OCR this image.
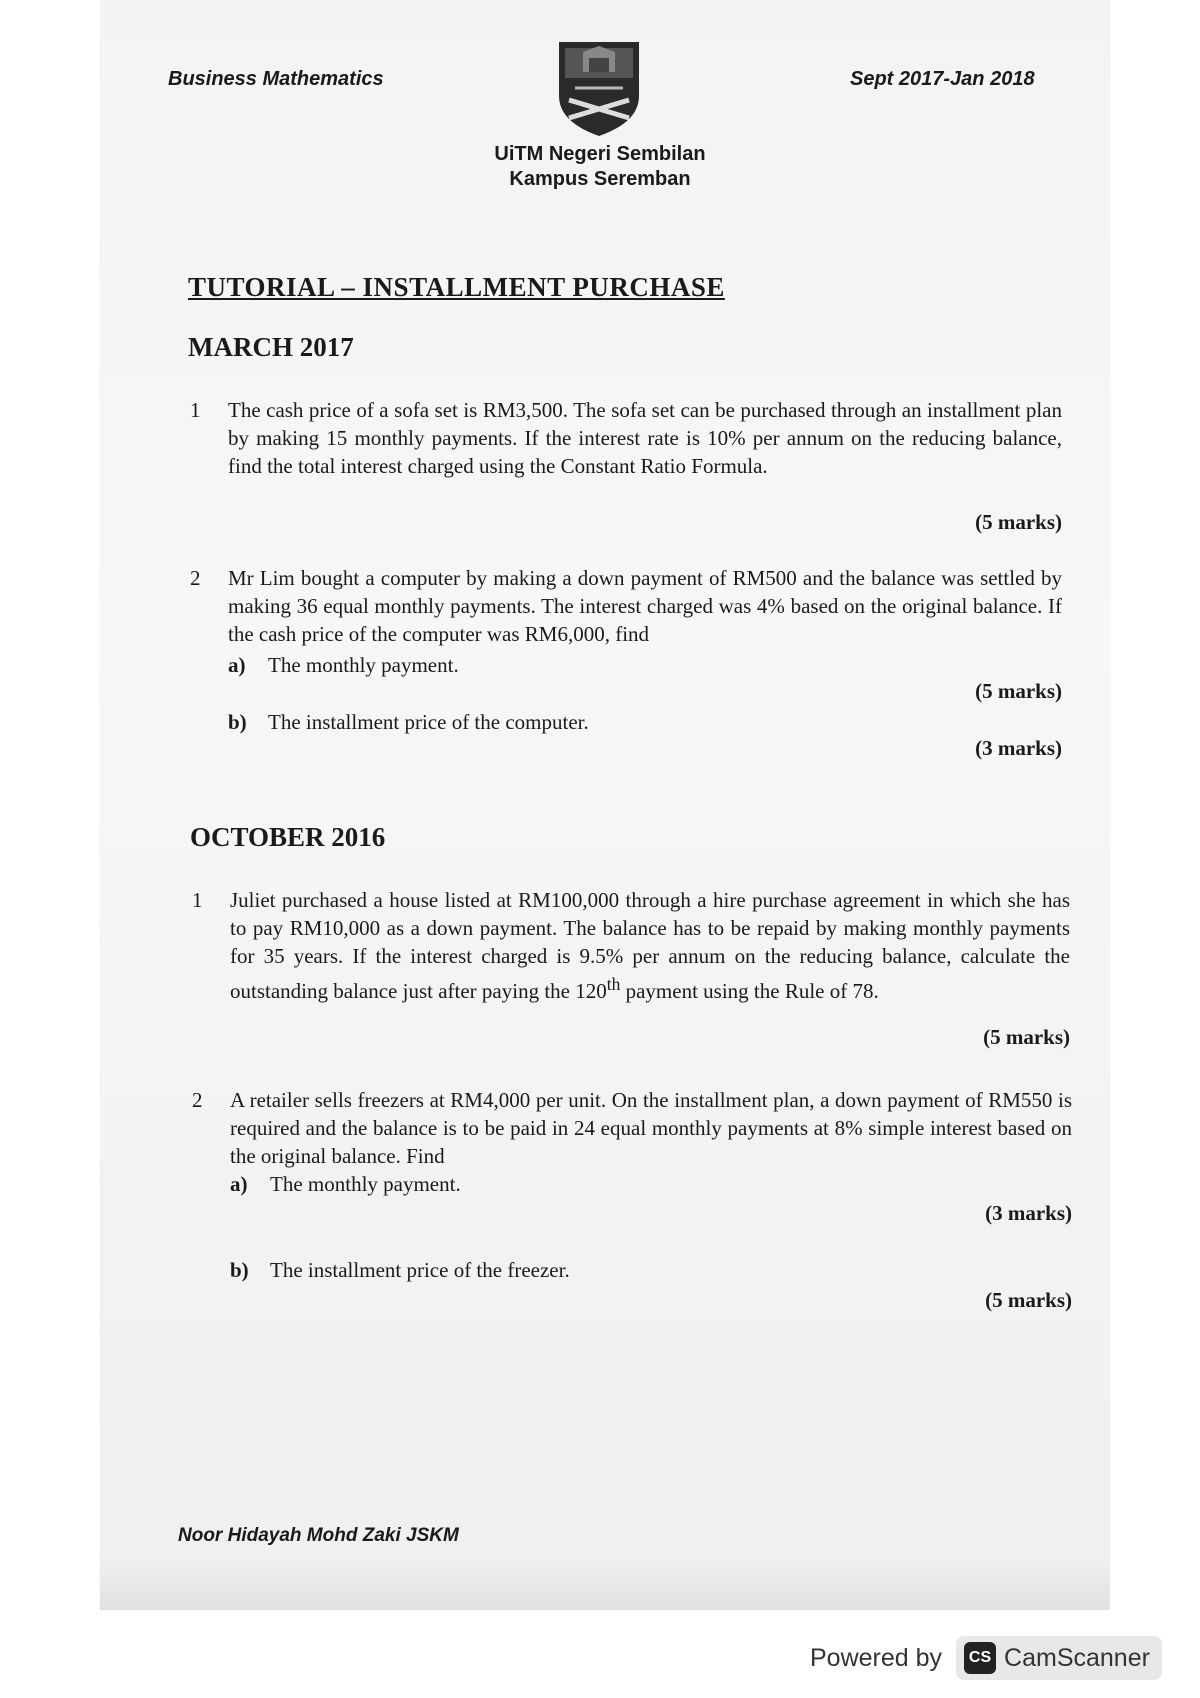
Business Mathematics	Sept 2017-Jan 2018
UiTM Negeri Sembilan
Kampus Seremban
TUTORIAL – INSTALLMENT PURCHASE
MARCH 2017
1 The cash price of a sofa set is RM3,500. The sofa set can be purchased through an installment plan by making 15 monthly payments. If the interest rate is 10% per annum on the reducing balance, find the total interest charged using the Constant Ratio Formula.
(5 marks)
2 Mr Lim bought a computer by making a down payment of RM500 and the balance was settled by making 36 equal monthly payments. The interest charged was 4% based on the original balance. If the cash price of the computer was RM6,000, find
a) The monthly payment.
(5 marks)
b) The installment price of the computer.
(3 marks)
OCTOBER 2016
1 Juliet purchased a house listed at RM100,000 through a hire purchase agreement in which she has to pay RM10,000 as a down payment. The balance has to be repaid by making monthly payments for 35 years. If the interest charged is 9.5% per annum on the reducing balance, calculate the outstanding balance just after paying the 120th payment using the Rule of 78.
(5 marks)
2 A retailer sells freezers at RM4,000 per unit. On the installment plan, a down payment of RM550 is required and the balance is to be paid in 24 equal monthly payments at 8% simple interest based on the original balance. Find
a) The monthly payment.
(3 marks)
b) The installment price of the freezer.
(5 marks)
Noor Hidayah Mohd Zaki JSKM
Powered by	CS CamScanner
